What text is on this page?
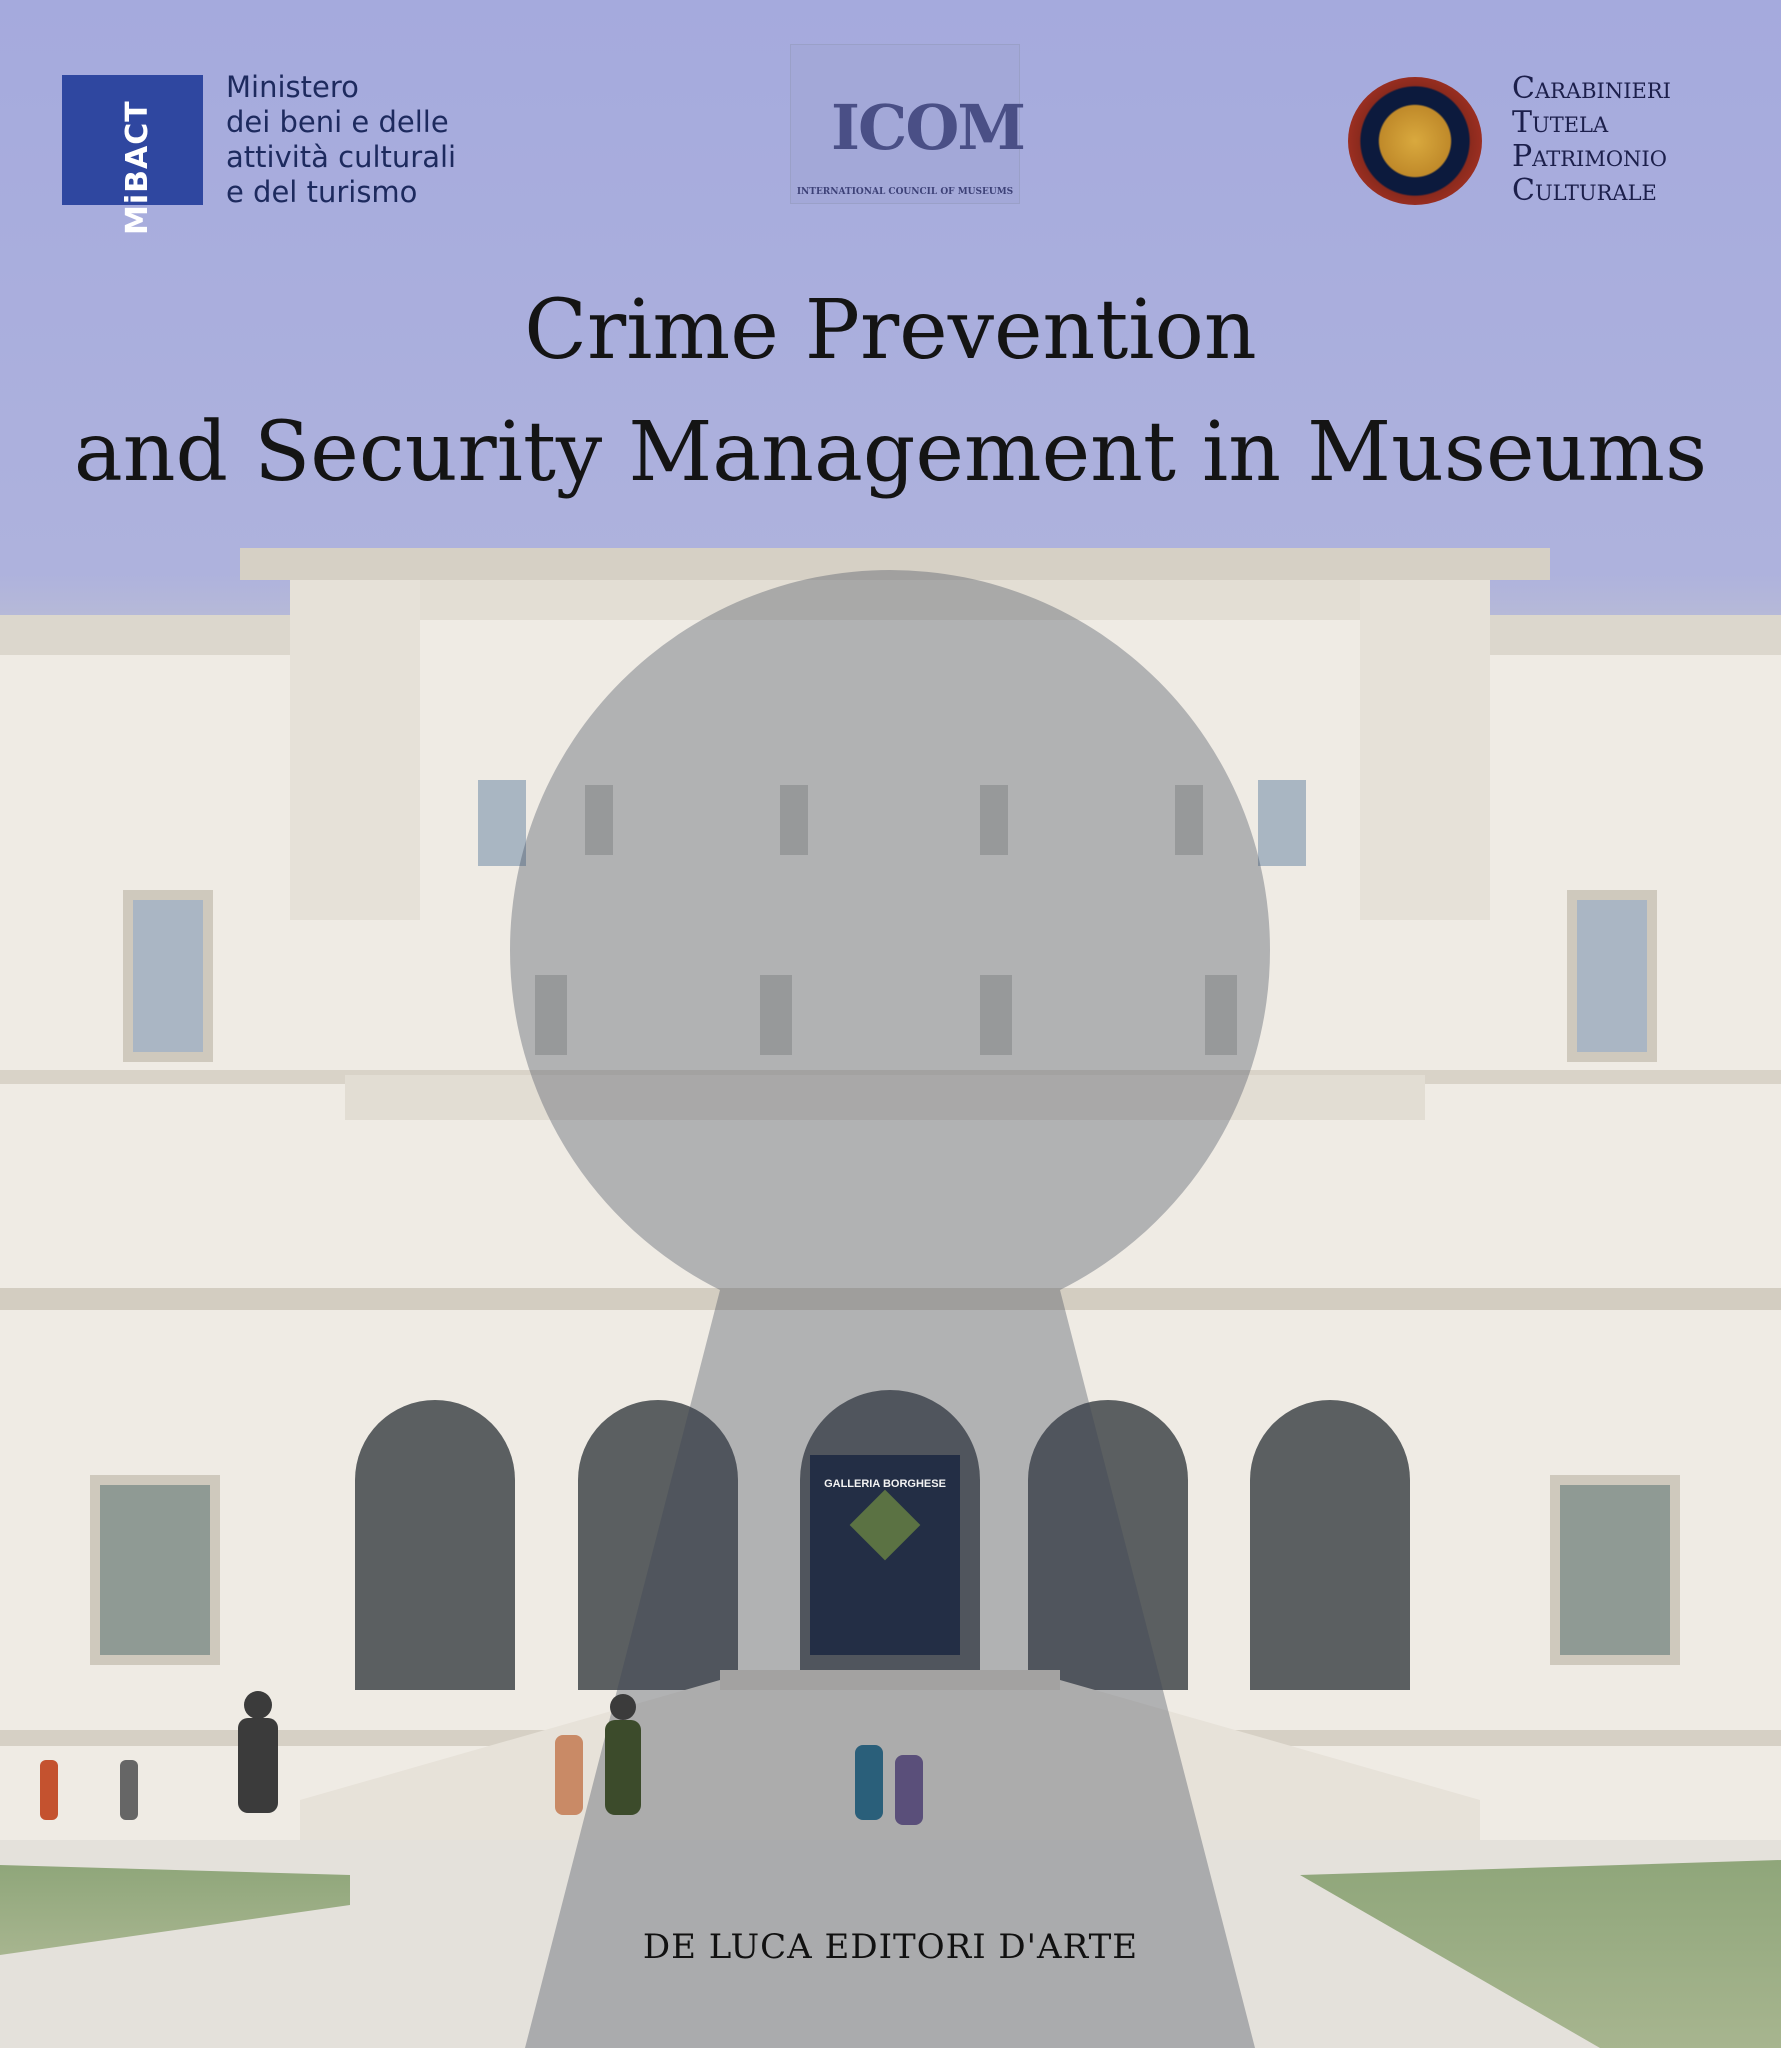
MiBACT
Ministero
dei beni e delle
attività culturali
e del turismo
ICOM
INTERNATIONAL COUNCIL OF MUSEUMS
Carabinieri
Tutela
Patrimonio
Culturale
Crime Prevention
and Security Management in Museums
GALLERIA BORGHESE
DE LUCA EDITORI D'ARTE
